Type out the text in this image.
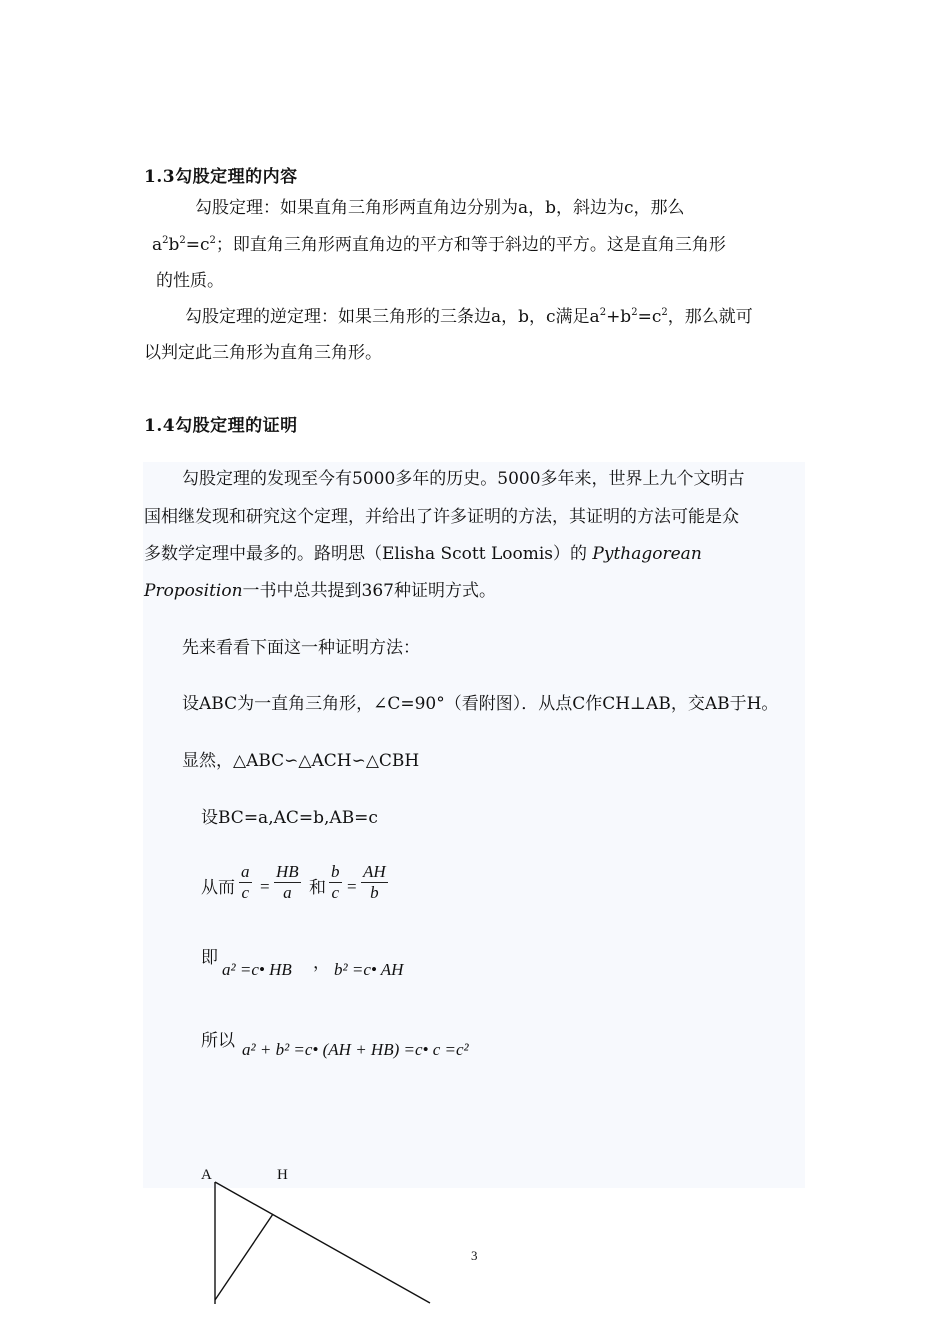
1.3勾股定理的内容
勾股定理：如果直角三角形两直角边分别为a，b，斜边为c，那么
$a^2b^2=c^2$；即直角三角形两直角边的平方和等于斜边的平方。这是直角三角形
的性质。
勾股定理的逆定理：如果三角形的三条边a，b，c满足$a^2+b^2=c^2$，那么就可
以判定此三角形为直角三角形。
1.4勾股定理的证明
勾股定理的发现至今有5000多年的历史。5000多年来，世界上九个文明古
国相继发现和研究这个定理，并给出了许多证明的方法，其证明的方法可能是众
多数学定理中最多的。路明思（Elisha Scott Loomis）的 Pythagorean
Proposition一书中总共提到367种证明方式。
先来看看下面这一种证明方法：
设ABC为一直角三角形，∠C=90°（看附图）．从点C作CH⊥AB，交AB于H。
显然，△ABC∽△ACH∽△CBH
设BC=a,AC=b,AB=c
从而 $\frac{a}{c} = \frac{HB}{a}$ 和 $\frac{b}{c} = \frac{AH}{b}$
即
a² =c• HB ， b² =c• AH
所以 a² + b² =c• (AH + HB) =c• c =c²
A	H
3
